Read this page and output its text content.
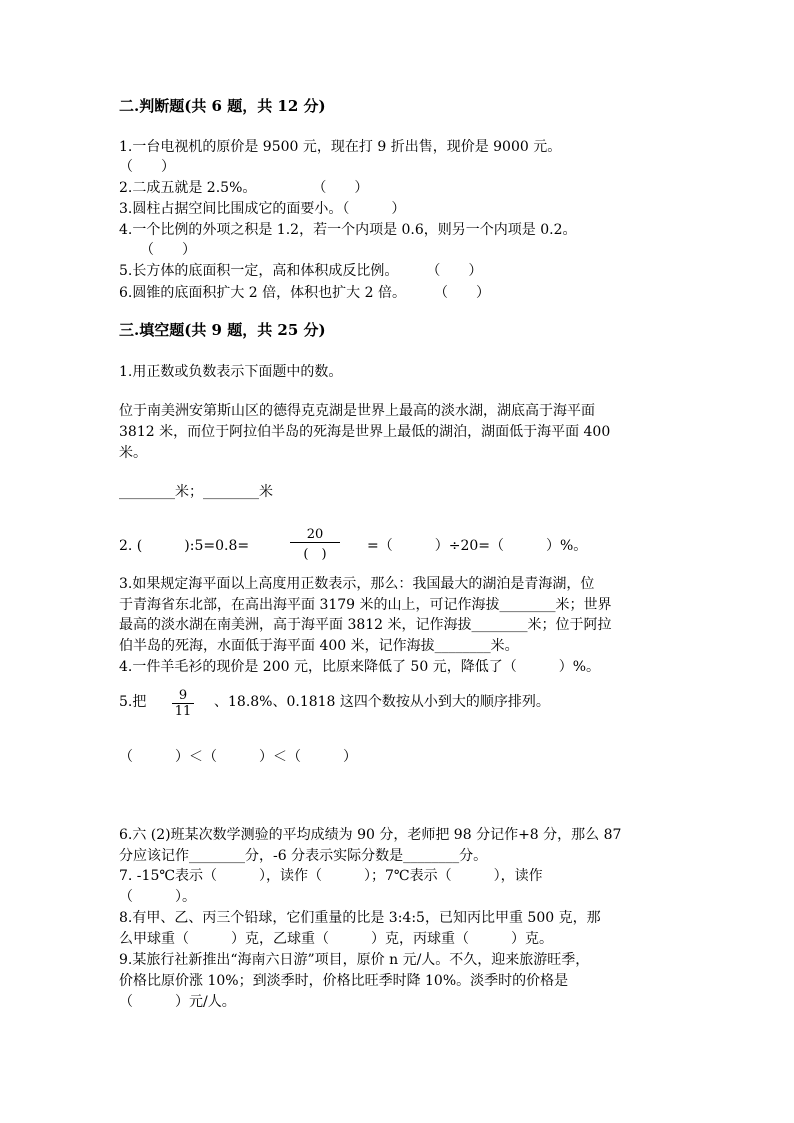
二.判断题(共 6 题，共 12 分)
1.一台电视机的原价是 9500 元，现在打 9 折出售，现价是 9000 元。
（　　）
2.二成五就是 2.5%。　　　　　（　　）
3.圆柱占据空间比围成它的面要小。（　　　）
4.一个比例的外项之积是 1.2，若一个内项是 0.6，则另一个内项是 0.2。
　　（　　）
5.长方体的底面积一定，高和体积成反比例。　　　（　　）
6.圆锥的底面积扩大 2 倍，体积也扩大 2 倍。　　　（　　）
三.填空题(共 9 题，共 25 分)
1.用正数或负数表示下面题中的数。
位于南美洲安第斯山区的德得克克湖是世界上最高的淡水湖，湖底高于海平面
3812 米，而位于阿拉伯半岛的死海是世界上最低的湖泊，湖面低于海平面 400
米。
________米；________米
2. (　　　):5=0.8=
20
(　)
=（　　　）÷20=（　　　）%。
3.如果规定海平面以上高度用正数表示，那么：我国最大的湖泊是青海湖，位
于青海省东北部，在高出海平面 3179 米的山上，可记作海拔________米；世界
最高的淡水湖在南美洲，高于海平面 3812 米，记作海拔________米；位于阿拉
伯半岛的死海，水面低于海平面 400 米，记作海拔________米。
4.一件羊毛衫的现价是 200 元，比原来降低了 50 元，降低了（　　　）%。
5.把 $\frac{9}{11}$ 、18.8%、0.1818 这四个数按从小到大的顺序排列。
（　　　）＜（　　　）＜（　　　）
6.六 (2)班某次数学测验的平均成绩为 90 分，老师把 98 分记作+8 分，那么 87
分应该记作________分，-6 分表示实际分数是________分。
7. -15℃表示（　　　），读作（　　　）；7℃表示（　　　），读作
（　　　）。
8.有甲、乙、丙三个铅球，它们重量的比是 3:4:5，已知丙比甲重 500 克，那
么甲球重（　　　）克，乙球重（　　　）克，丙球重（　　　）克。
9.某旅行社新推出“海南六日游”项目，原价 n 元/人。不久，迎来旅游旺季，
价格比原价涨 10%；到淡季时，价格比旺季时降 10%。淡季时的价格是
（　　　）元/人。
